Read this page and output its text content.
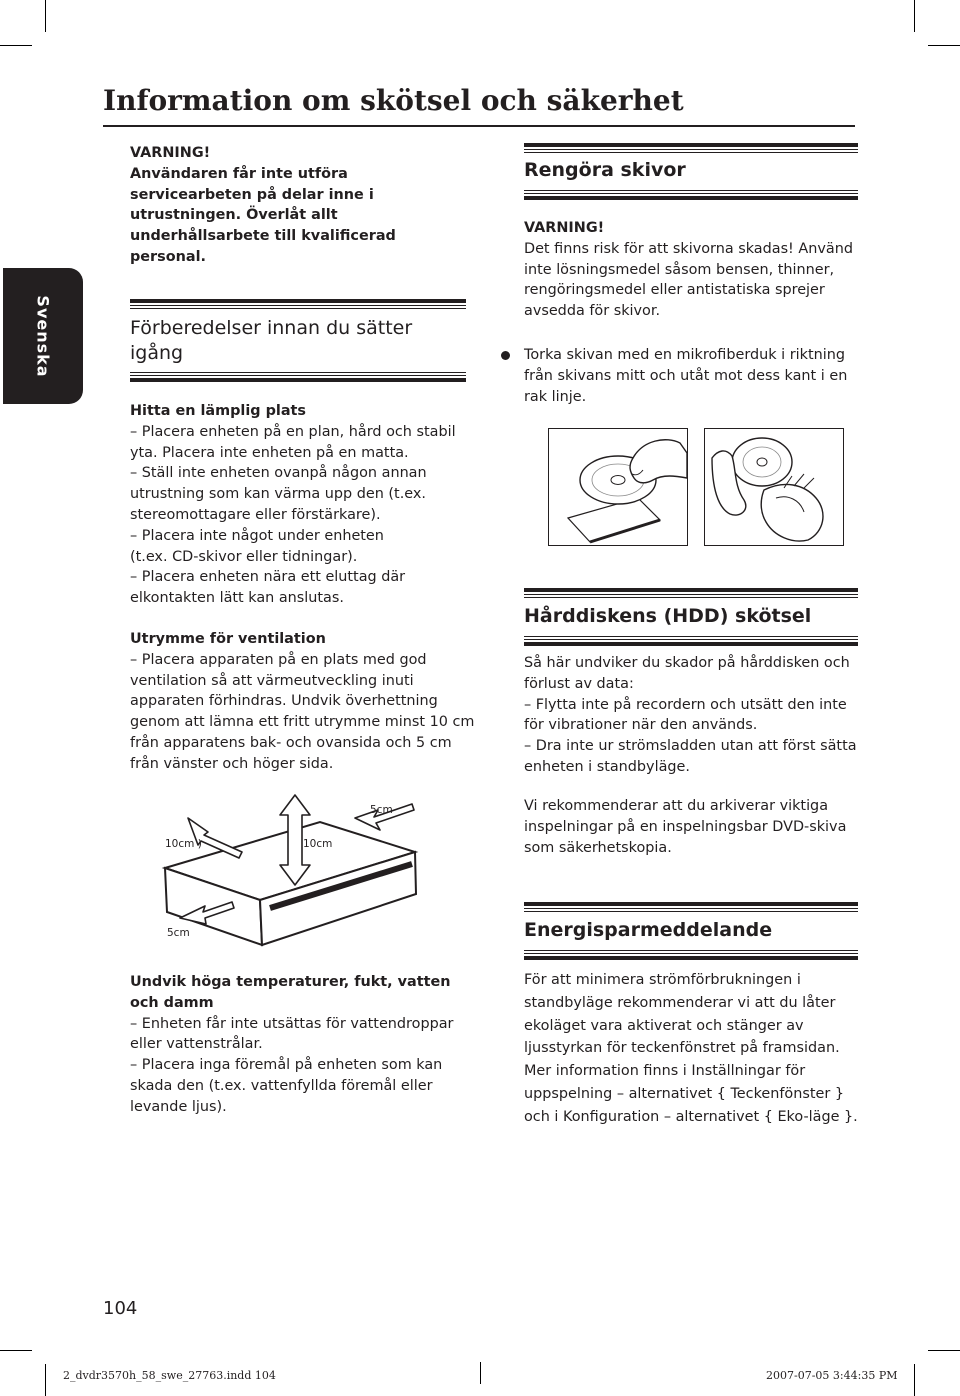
Svenska
Information om skötsel och säkerhet

VARNING!

Användaren får inte utföra

servicearbeten på delar inne i

utrustningen. Överlåt allt

underhållsarbete till kvalificerad

personal.

Förberedelser innan du sätter
igång

Hitta en lämplig plats

– Placera enheten på en plan, hård och stabil

yta. Placera inte enheten på en matta.

– Ställ inte enheten ovanpå någon annan

utrustning som kan värma upp den (t.ex.

stereomottagare eller förstärkare).

– Placera inte något under enheten

(t.ex. CD-skivor eller tidningar).

– Placera enheten nära ett eluttag där

elkontakten lätt kan anslutas.

Utrymme för ventilation

– Placera apparaten på en plats med god

ventilation så att värmeutveckling inuti

apparaten förhindras. Undvik överhettning

genom att lämna ett fritt utrymme minst 10 cm

från apparatens bak- och ovansida och 5 cm

från vänster och höger sida.

10cm )	10cm
5cm
5cm

Undvik höga temperaturer, fukt, vatten

och damm

– Enheten får inte utsättas för vattendroppar

eller vattenstrålar.

– Placera inga föremål på enheten som kan

skada den (t.ex. vattenfyllda föremål eller

levande ljus).

Rengöra skivor

VARNING!

Det finns risk för att skivorna skadas! Använd

inte lösningsmedel såsom bensen, thinner,

rengöringsmedel eller antistatiska sprejer

avsedda för skivor.

Torka skivan med en mikrofiberduk i riktning

från skivans mitt och utåt mot dess kant i en

rak linje.

Hårddiskens (HDD) skötsel

Så här undviker du skador på hårddisken och

förlust av data:

– Flytta inte på recordern och utsätt den inte

för vibrationer när den används.

– Dra inte ur strömsladden utan att först sätta

enheten i standbyläge.

Vi rekommenderar att du arkiverar viktiga

inspelningar på en inspelningsbar DVD-skiva

som säkerhetskopia.

Energisparmeddelande

För att minimera strömförbrukningen i

standbyläge rekommenderar vi att du låter

ekoläget vara aktiverat och stänger av

ljusstyrkan för teckenfönstret på framsidan.

Mer information finns i Inställningar för

uppspelning – alternativet { Teckenfönster }

och i Konfiguration – alternativet { Eko-läge }.

104
2_dvdr3570h_58_swe_27763.indd 104	2007-07-05 3:44:35 PM
